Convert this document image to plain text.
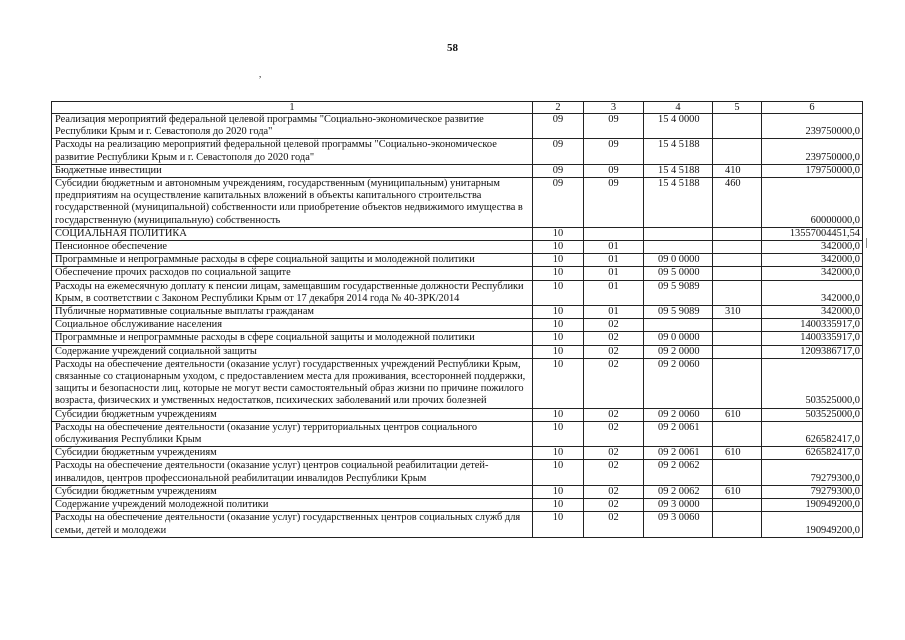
58
,
1	2	3	4	5	6
Реализация мероприятий федеральной целевой программы "Социально-экономическое развитие Республики Крым и г. Севастополя до 2020 года"	09	09	15 4 0000		239750000,0
Расходы на реализацию мероприятий федеральной целевой программы "Социально-экономическое развитие Республики Крым и г. Севастополя до 2020 года"	09	09	15 4 5188		239750000,0
Бюджетные инвестиции	09	09	15 4 5188	410	179750000,0
Субсидии бюджетным и автономным учреждениям, государственным (муниципальным) унитарным предприятиям на осуществление капитальных вложений в объекты капитального строительства государственной (муниципальной) собственности или приобретение объектов недвижимого имущества в государственную (муниципальную) собственность	09	09	15 4 5188	460	60000000,0
СОЦИАЛЬНАЯ ПОЛИТИКА	10				13557004451,54
Пенсионное обеспечение	10	01			342000,0
Программные и непрограммные расходы в сфере социальной защиты и молодежной политики	10	01	09 0 0000		342000,0
Обеспечение прочих расходов по социальной защите	10	01	09 5 0000		342000,0
Расходы на ежемесячную доплату к пенсии лицам, замещавшим государственные должности Республики Крым, в соответствии с Законом Республики Крым от 17 декабря 2014 года № 40-ЗРК/2014	10	01	09 5 9089		342000,0
Публичные нормативные социальные выплаты гражданам	10	01	09 5 9089	310	342000,0
Социальное обслуживание населения	10	02			1400335917,0
Программные и непрограммные расходы в сфере социальной защиты и молодежной политики	10	02	09 0 0000		1400335917,0
Содержание учреждений социальной защиты	10	02	09 2 0000		1209386717,0
Расходы на обеспечение деятельности (оказание услуг) государственных учреждений Республики Крым, связанные со стационарным уходом, с предоставлением места для проживания, всесторонней поддержки, защиты и безопасности лиц, которые не могут вести самостоятельный образ жизни по причине пожилого возраста, физических и умственных недостатков, психических заболеваний или прочих болезней	10	02	09 2 0060		503525000,0
Субсидии бюджетным учреждениям	10	02	09 2 0060	610	503525000,0
Расходы на обеспечение деятельности (оказание услуг) территориальных центров социального обслуживания Республики Крым	10	02	09 2 0061		626582417,0
Субсидии бюджетным учреждениям	10	02	09 2 0061	610	626582417,0
Расходы на обеспечение деятельности (оказание услуг) центров социальной реабилитации детей-инвалидов, центров профессиональной реабилитации инвалидов Республики Крым	10	02	09 2 0062		79279300,0
Субсидии бюджетным учреждениям	10	02	09 2 0062	610	79279300,0
Содержание учреждений молодежной политики	10	02	09 3 0000		190949200,0
Расходы на обеспечение деятельности (оказание услуг) государственных центров социальных служб для семьи, детей и молодежи	10	02	09 3 0060		190949200,0
